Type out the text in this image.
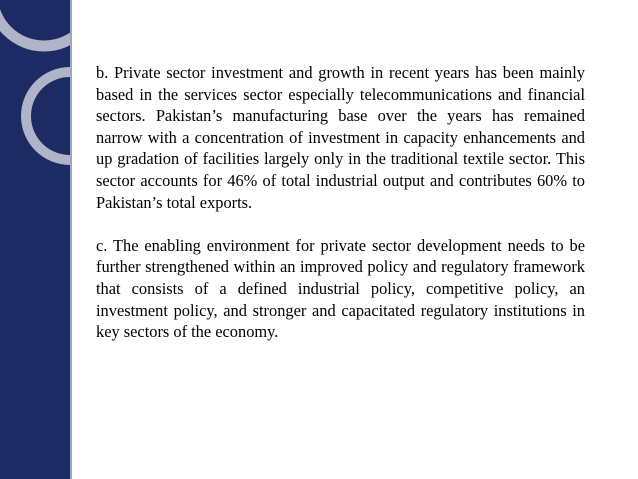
b. Private sector investment and growth in recent years has been mainly based in the services sector especially telecommunications and financial sectors. Pakistan’s manufacturing base over the years has remained narrow with a concentration of investment in capacity enhancements and up gradation of facilities largely only in the traditional textile sector. This sector accounts for 46% of total industrial output and contributes 60% to Pakistan’s total exports.

c. The enabling environment for private sector development needs to be further strengthened within an improved policy and regulatory framework that consists of a defined industrial policy, competitive policy, an investment policy, and stronger and capacitated regulatory institutions in key sectors of the economy.
